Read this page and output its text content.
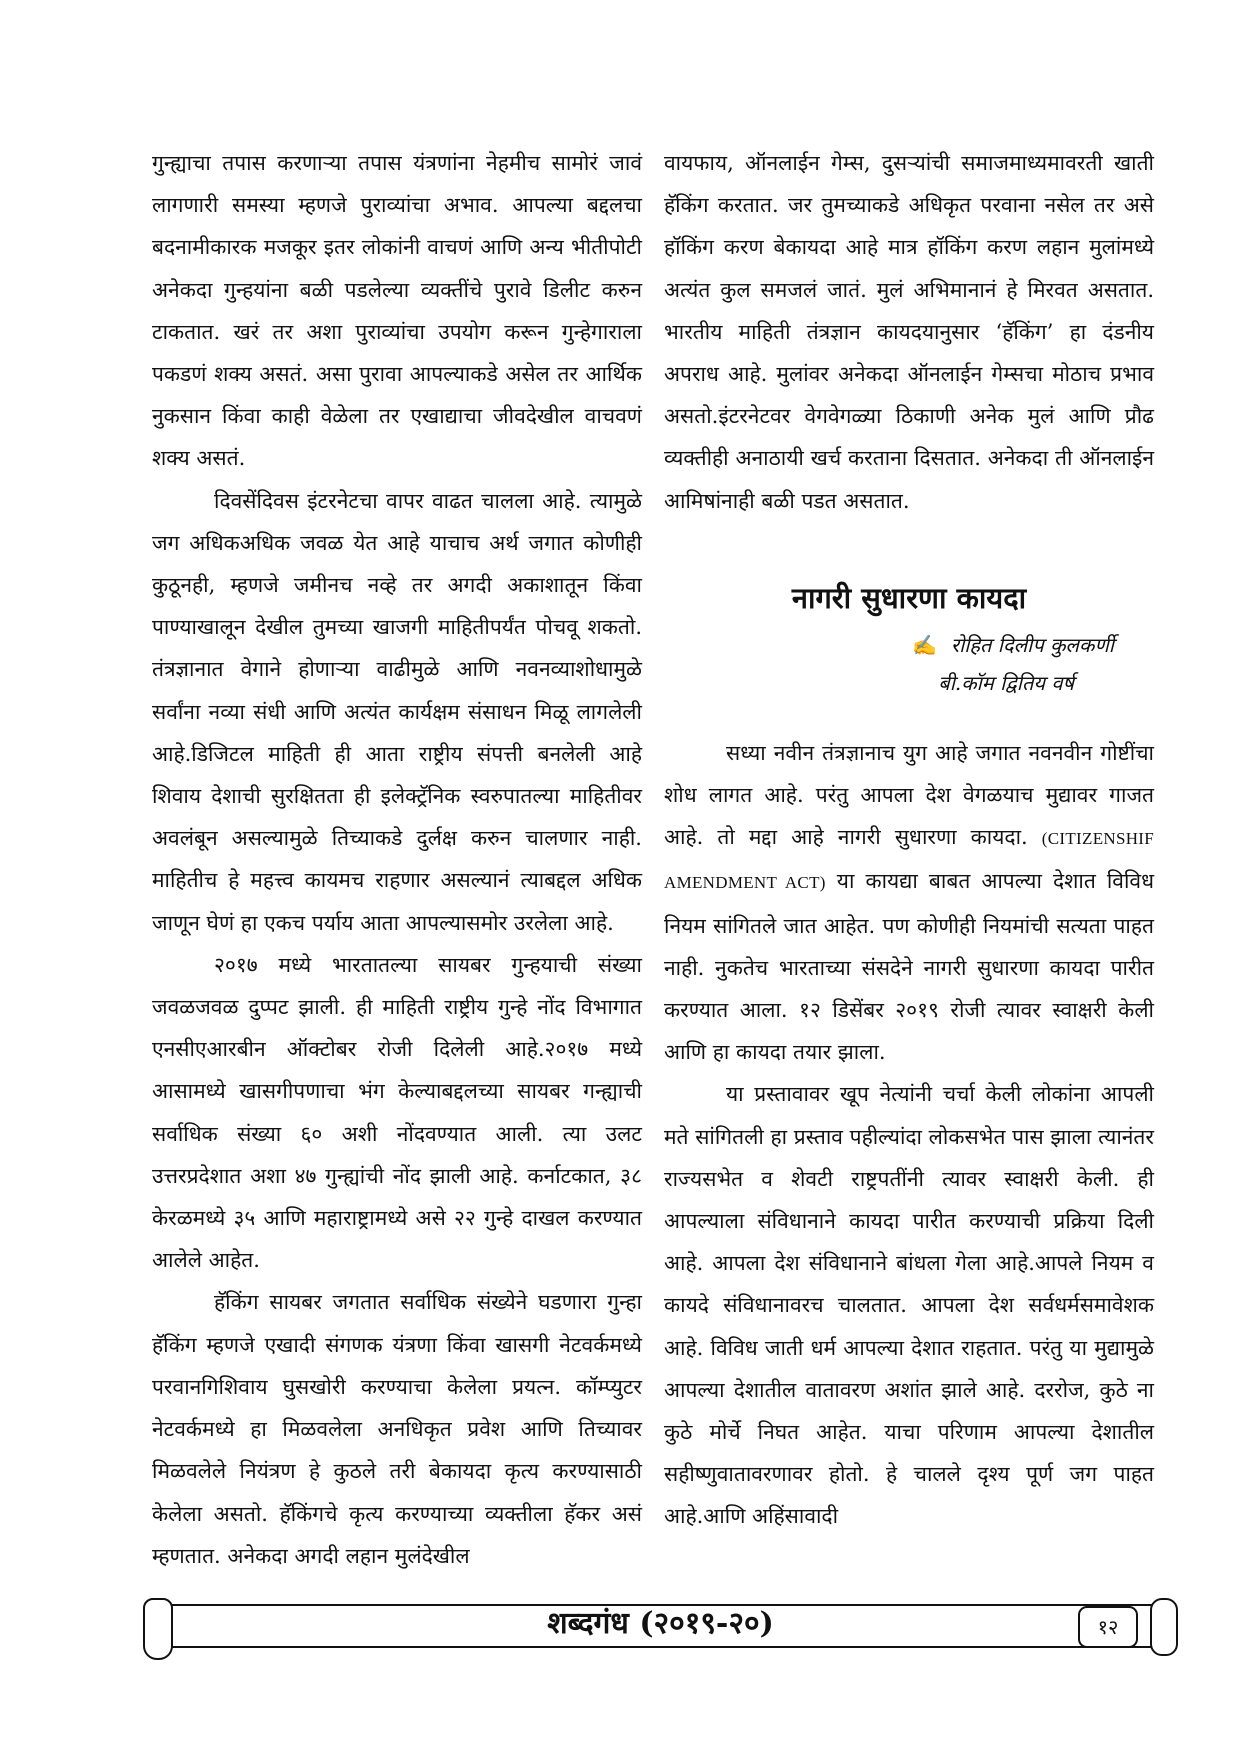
गुन्ह्याचा तपास करणाऱ्या तपास यंत्रणांना नेहमीच सामोरं जावं लागणारी समस्या म्हणजे पुराव्यांचा अभाव. आपल्या बद्दलचा बदनामीकारक मजकूर इतर लोकांनी वाचणं आणि अन्य भीतीपोटी अनेकदा गुन्हयांना बळी पडलेल्या व्यक्तींचे पुरावे डिलीट करुन टाकतात. खरं तर अशा पुराव्यांचा उपयोग करून गुन्हेगाराला पकडणं शक्य असतं. असा पुरावा आपल्याकडे असेल तर आर्थिक नुकसान किंवा काही वेळेला तर एखाद्याचा जीवदेखील वाचवणं शक्य असतं.

दिवसेंदिवस इंटरनेटचा वापर वाढत चालला आहे. त्यामुळे जग अधिकअधिक जवळ येत आहे याचाच अर्थ जगात कोणीही कुठूनही, म्हणजे जमीनच नव्हे तर अगदी अकाशातून किंवा पाण्याखालून देखील तुमच्या खाजगी माहितीपर्यंत पोचवू शकतो. तंत्रज्ञानात वेगाने होणाऱ्या वाढीमुळे आणि नवनव्याशोधामुळे सर्वांना नव्या संधी आणि अत्यंत कार्यक्षम संसाधन मिळू लागलेली आहे.डिजिटल माहिती ही आता राष्ट्रीय संपत्ती बनलेली आहे शिवाय देशाची सुरक्षितता ही इलेक्ट्रॅनिक स्वरुपातल्या माहितीवर अवलंबून असल्यामुळे तिच्याकडे दुर्लक्ष करुन चालणार नाही. माहितीच हे महत्त्व कायमच राहणार असल्यानं त्याबद्दल अधिक जाणून घेणं हा एकच पर्याय आता आपल्यासमोर उरलेला आहे.

२०१७ मध्ये भारतातल्या सायबर गुन्हयाची संख्या जवळजवळ दुप्पट झाली. ही माहिती राष्ट्रीय गुन्हे नोंद विभागात एनसीएआरबीन ऑक्टोबर रोजी दिलेली आहे.२०१७ मध्ये आसामध्ये खासगीपणाचा भंग केल्याबद्दलच्या सायबर गन्ह्याची सर्वाधिक संख्या ६० अशी नोंदवण्यात आली. त्या उलट उत्तरप्रदेशात अशा ४७ गुन्ह्यांची नोंद झाली आहे. कर्नाटकात, ३८ केरळमध्ये ३५ आणि महाराष्ट्रामध्ये असे २२ गुन्हे दाखल करण्यात आलेले आहेत.

हॅकिंग सायबर जगतात सर्वाधिक संख्येने घडणारा गुन्हा हॅकिंग म्हणजे एखादी संगणक यंत्रणा किंवा खासगी नेटवर्कमध्ये परवानगिशिवाय घुसखोरी करण्याचा केलेला प्रयत्न. कॉम्प्युटर नेटवर्कमध्ये हा मिळवलेला अनधिकृत प्रवेश आणि तिच्यावर मिळवलेले नियंत्रण हे कुठले तरी बेकायदा कृत्य करण्यासाठी केलेला असतो. हॅकिंगचे कृत्य करण्याच्या व्यक्तीला हॅकर असं म्हणतात. अनेकदा अगदी लहान मुलंदेखील

वायफाय, ऑनलाईन गेम्स, दुसऱ्यांची समाजमाध्यमावरती खाती हॅकिंग करतात. जर तुमच्याकडे अधिकृत परवाना नसेल तर असे हॉकिंग करण बेकायदा आहे मात्र हॉकिंग करण लहान मुलांमध्ये अत्यंत कुल समजलं जातं. मुलं अभिमानानं हे मिरवत असतात. भारतीय माहिती तंत्रज्ञान कायदयानुसार ‘हॅकिंग’ हा दंडनीय अपराध आहे. मुलांवर अनेकदा ऑनलाईन गेम्सचा मोठाच प्रभाव असतो.इंटरनेटवर वेगवेगळ्या ठिकाणी अनेक मुलं आणि प्रौढ व्यक्तीही अनाठायी खर्च करताना दिसतात. अनेकदा ती ऑनलाईन आमिषांनाही बळी पडत असतात.

नागरी सुधारणा कायदा
✍ रोहित दिलीप कुलकर्णी
बी.कॉम द्वितिय वर्ष

सध्या नवीन तंत्रज्ञानाच युग आहे जगात नवनवीन गोष्टींचा शोध लागत आहे. परंतु आपला देश वेगळयाच मुद्यावर गाजत आहे. तो मद्दा आहे नागरी सुधारणा कायदा. (CITIZENSHIF AMENDMENT ACT) या कायद्या बाबत आपल्या देशात विविध नियम सांगितले जात आहेत. पण कोणीही नियमांची सत्यता पाहत नाही. नुकतेच भारताच्या संसदेने नागरी सुधारणा कायदा पारीत करण्यात आला. १२ डिसेंबर २०१९ रोजी त्यावर स्वाक्षरी केली आणि हा कायदा तयार झाला.

या प्रस्तावावर खूप नेत्यांनी चर्चा केली लोकांना आपली मते सांगितली हा प्रस्ताव पहील्यांदा लोकसभेत पास झाला त्यानंतर राज्यसभेत व शेवटी राष्ट्रपतींनी त्यावर स्वाक्षरी केली. ही आपल्याला संविधानाने कायदा पारीत करण्याची प्रक्रिया दिली आहे. आपला देश संविधानाने बांधला गेला आहे.आपले नियम व कायदे संविधानावरच चालतात. आपला देश सर्वधर्मसमावेशक आहे. विविध जाती धर्म आपल्या देशात राहतात. परंतु या मुद्यामुळे आपल्या देशातील वातावरण अशांत झाले आहे. दररोज, कुठे ना कुठे मोर्चे निघत आहेत. याचा परिणाम आपल्या देशातील सहीष्णुवातावरणावर होतो. हे चालले दृश्य पूर्ण जग पाहत आहे.आणि अहिंसावादी

शब्दगंध (२०१९-२०)	१२
